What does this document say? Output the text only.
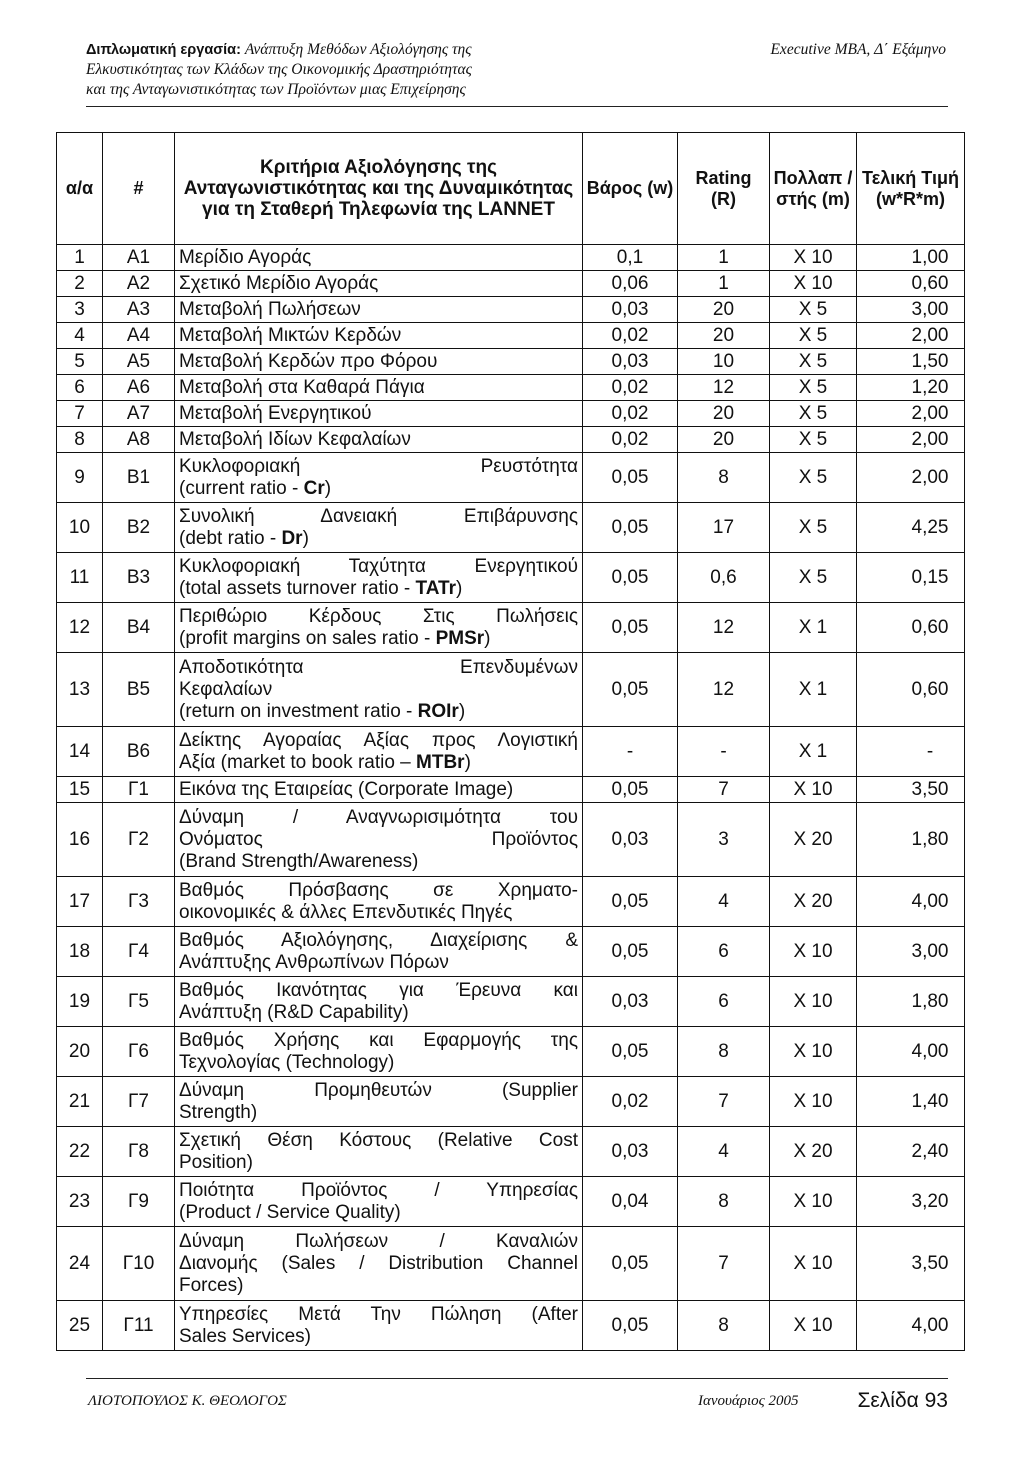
Διπλωματική εργασία: Ανάπτυξη Μεθόδων Αξιολόγησης της
Ελκυστικότητας των Κλάδων της Οικονομικής Δραστηριότητας
και της Ανταγωνιστικότητας των Προϊόντων μιας Επιχείρησης
Executive MBA, Δ΄ Εξάμηνο
α/α	#	Κριτήρια Αξιολόγησης της Ανταγωνιστικότητας και της Δυναμικότητας για τη Σταθερή Τηλεφωνία της LANNET	Βάρος (w)	Rating (R)	Πολλαπ /στής (m)	Τελική Τιμή (w*R*m)
1	A1	Μερίδιο Αγοράς	0,1	1	X 10	1,00
2	A2	Σχετικό Μερίδιο Αγοράς	0,06	1	X 10	0,60
3	A3	Μεταβολή Πωλήσεων	0,03	20	X 5	3,00
4	A4	Μεταβολή Μικτών Κερδών	0,02	20	X 5	2,00
5	A5	Μεταβολή Κερδών προ Φόρου	0,03	10	X 5	1,50
6	A6	Μεταβολή στα Καθαρά Πάγια	0,02	12	X 5	1,20
7	A7	Μεταβολή Ενεργητικού	0,02	20	X 5	2,00
8	A8	Μεταβολή Ιδίων Κεφαλαίων	0,02	20	X 5	2,00
9	B1	Κυκλοφοριακή Ρευστότητα
(current ratio - Cr)	0,05	8	X 5	2,00
10	B2	Συνολική Δανειακή Επιβάρυνσης
(debt ratio - Dr)	0,05	17	X 5	4,25
11	B3	Κυκλοφοριακή Ταχύτητα Ενεργητικού
(total assets turnover ratio - TATr)	0,05	0,6	X 5	0,15
12	B4	Περιθώριο Κέρδους Στις Πωλήσεις
(profit margins on sales ratio - PMSr)	0,05	12	X 1	0,60
13	B5	Αποδοτικότητα Επενδυμένων
Κεφαλαίων
(return on investment ratio - ROIr)	0,05	12	X 1	0,60
14	B6	Δείκτης Αγοραίας Αξίας προς Λογιστική
Αξία (market to book ratio – MTBr)	-	-	X 1	-
15	Γ1	Εικόνα της Εταιρείας (Corporate Image)	0,05	7	X 10	3,50
16	Γ2	Δύναμη / Αναγνωρισιμότητα του
Ονόματος Προϊόντος
(Brand Strength/Awareness)	0,03	3	X 20	1,80
17	Γ3	Βαθμός Πρόσβασης σε Χρηματο-
οικονομικές & άλλες Επενδυτικές Πηγές	0,05	4	X 20	4,00
18	Γ4	Βαθμός Αξιολόγησης, Διαχείρισης &
Ανάπτυξης Ανθρωπίνων Πόρων	0,05	6	X 10	3,00
19	Γ5	Βαθμός Ικανότητας για Έρευνα και
Ανάπτυξη (R&D Capability)	0,03	6	X 10	1,80
20	Γ6	Βαθμός Χρήσης και Εφαρμογής της
Τεχνολογίας (Technology)	0,05	8	X 10	4,00
21	Γ7	Δύναμη Προμηθευτών (Supplier
Strength)	0,02	7	X 10	1,40
22	Γ8	Σχετική Θέση Κόστους (Relative Cost
Position)	0,03	4	X 20	2,40
23	Γ9	Ποιότητα Προϊόντος / Υπηρεσίας
(Product / Service Quality)	0,04	8	X 10	3,20
24	Γ10	Δύναμη Πωλήσεων / Καναλιών
Διανομής (Sales / Distribution Channel
Forces)	0,05	7	X 10	3,50
25	Γ11	Υπηρεσίες Μετά Την Πώληση (After
Sales Services)	0,05	8	X 10	4,00
ΛΙΟΤΟΠΟΥΛΟΣ Κ. ΘΕΟΛΟΓΟΣ	Ιανουάριος 2005	Σελίδα 93
